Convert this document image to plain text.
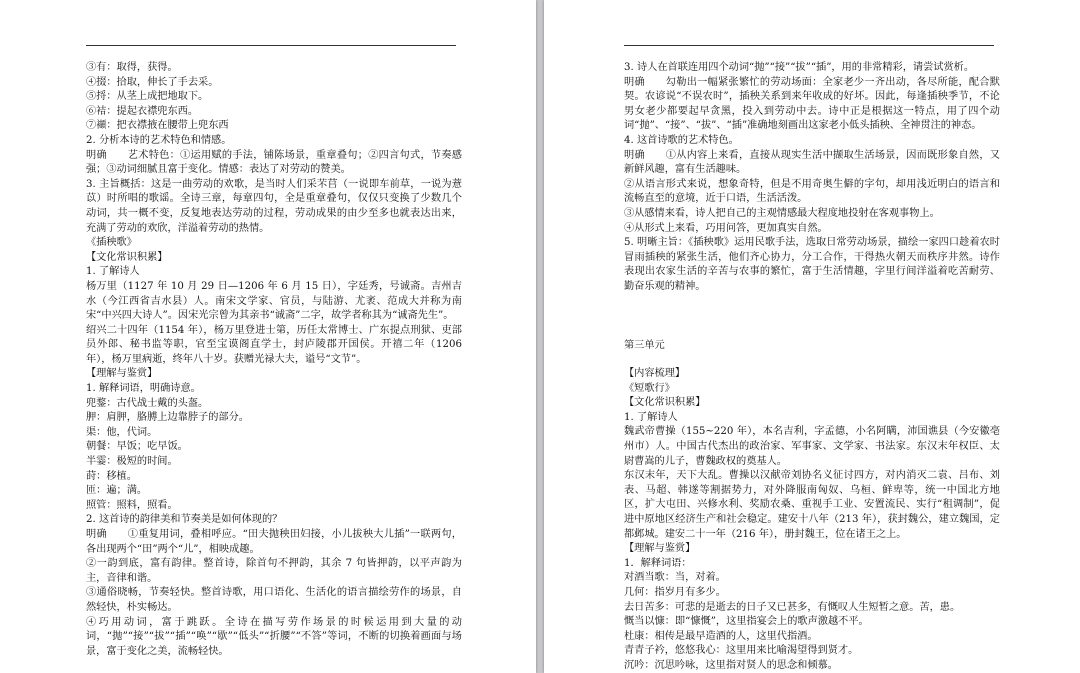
③有：取得，获得。

④掇：拾取，伸长了手去采。

⑤捋：从茎上成把地取下。

⑥袺：提起衣襟兜东西。

⑦襭：把衣襟掖在腰带上兜东西

2. 分析本诗的艺术特色和情感。

明确　　艺术特色：①运用赋的手法，铺陈场景，重章叠句；②四言句式，节奏感强；③动词细腻且富于变化。情感：表达了对劳动的赞美。

3. 主旨概括：这是一曲劳动的欢歌，是当时人们采芣苢（一说即车前草，一说为薏苡）时所唱的歌谣。全诗三章，每章四句，全是重章叠句，仅仅只变换了少数几个动词，共一概不变，反复地表达劳动的过程，劳动成果的由少至多也就表达出来，充满了劳动的欢欣，洋溢着劳动的热情。

《插秧歌》

【文化常识积累】

1. 了解诗人

杨万里（1127 年 10 月 29 日—1206 年 6 月 15 日），字廷秀，号诚斋。吉州吉水（今江西省吉水县）人。南宋文学家、官员，与陆游、尤袤、范成大并称为南宋“中兴四大诗人”。因宋光宗曾为其亲书“诚斋”二字，故学者称其为“诚斋先生”。

绍兴二十四年（1154 年），杨万里登进士第，历任太常博士、广东提点刑狱、吏部员外郎、秘书监等职，官至宝谟阁直学士，封庐陵郡开国侯。开禧二年（1206 年），杨万里病逝，终年八十岁。获赠光禄大夫，谥号“文节”。

【理解与鉴赏】

1. 解释词语，明确诗意。

兜鍪：古代战士戴的头盔。

胛：肩胛，胳膊上边靠脖子的部分。

渠：他，代词。

朝餐：早饭；吃早饭。

半霎：极短的时间。

莳：移植。

匝：遍；满。

照管：照料，照看。

2. 这首诗的韵律美和节奏美是如何体现的？

明确　　①重复用词，叠相呼应。“田夫抛秧田妇接，小儿拔秧大儿插”一联两句，各出现两个“田”两个“儿”，相映成趣。

②一韵到底，富有韵律。整首诗，除首句不押韵，其余 7 句皆押韵，以平声韵为主，音律和谐。

③通俗晓畅，节奏轻快。整首诗歌，用口语化、生活化的语言描绘劳作的场景，自然轻快，朴实畅达。

④巧用动词，富于跳跃。全诗在描写劳作场景的时候运用到大量的动词，“抛”“接”“拔”“插”“唤”“歇”“低头”“折腰”“不答”等词，不断的切换着画面与场景，富于变化之美，流畅轻快。

3. 诗人在首联连用四个动词“抛”“接”“拔”“插”，用的非常精彩，请尝试赏析。

明确　　勾勒出一幅紧张繁忙的劳动场面：全家老少一齐出动，各尽所能，配合默契。农谚说“不误农时”，插秧关系到来年收成的好坏。因此，每逢插秧季节，不论男女老少都要起早贪黑，投入到劳动中去。诗中正是根据这一特点，用了四个动词“抛”、“接”、“拔”、“插”准确地刻画出这家老小低头插秧、全神贯注的神态。

4. 这首诗歌的艺术特色。

明确　　①从内容上来看，直接从现实生活中撷取生活场景，因而既形象自然，又新鲜风趣，富有生活趣味。

②从语言形式来说，想象奇特，但是不用奇奥生僻的字句，却用浅近明白的语言和流畅直至的意境，近于口语，生活活泼。

③从感情来看，诗人把自己的主观情感最大程度地投射在客观事物上。

④从形式上来看，巧用问答，更加真实自然。

5. 明晰主旨：《插秧歌》运用民歌手法，选取日常劳动场景，描绘一家四口趁着农时冒雨插秧的紧张生活，他们齐心协力，分工合作，干得热火朝天而秩序井然。诗作表现出农家生活的辛苦与农事的繁忙，富于生活情趣，字里行间洋溢着吃苦耐劳、勤奋乐观的精神。

第三单元

【内容梳理】

《短歌行》

【文化常识积累】

1. 了解诗人

魏武帝曹操（155~220 年），本名吉利，字孟德，小名阿瞒，沛国谯县（今安徽亳州市）人。中国古代杰出的政治家、军事家、文学家、书法家。东汉末年权臣、太尉曹嵩的儿子，曹魏政权的奠基人。

东汉末年，天下大乱。曹操以汉献帝刘协名义征讨四方，对内消灭二袁、吕布、刘表、马超、韩遂等割据势力，对外降服南匈奴、乌桓、鲜卑等，统一中国北方地区，扩大屯田、兴修水利、奖励农桑、重视手工业、安置流民、实行“租调制”，促进中原地区经济生产和社会稳定。建安十八年（213 年），获封魏公，建立魏国，定都邺城。建安二十一年（216 年），册封魏王，位在诸王之上。

【理解与鉴赏】

1．解释词语：

对酒当歌：当，对着。

几何：指岁月有多少。

去日苦多：可悲的是逝去的日子又已甚多，有慨叹人生短暂之意。苦，患。

慨当以慷：即“慷慨”，这里指宴会上的歌声激越不平。

杜康：相传是最早造酒的人，这里代指酒。

青青子衿，悠悠我心：这里用来比喻渴望得到贤才。

沉吟：沉思吟咏，这里指对贤人的思念和倾慕。
